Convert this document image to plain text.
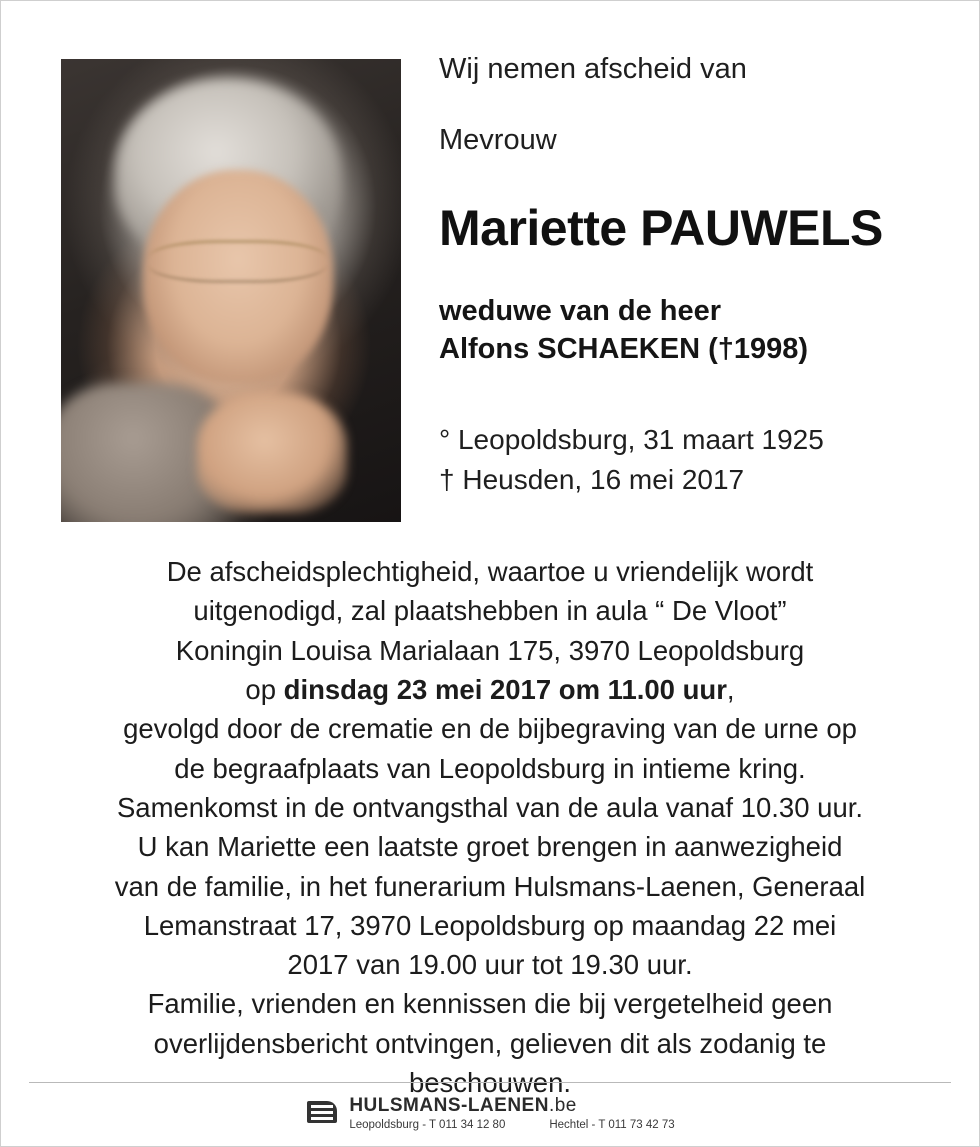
Wij nemen afscheid van
Mevrouw
Mariette PAUWELS
weduwe van de heer
Alfons SCHAEKEN (†1998)
° Leopoldsburg, 31 maart 1925
† Heusden, 16 mei 2017

De afscheidsplechtigheid, waartoe u vriendelijk wordt

uitgenodigd, zal plaatshebben in aula “ De Vloot”

Koningin Louisa Marialaan 175, 3970 Leopoldsburg

op dinsdag 23 mei 2017 om 11.00 uur,

gevolgd door de crematie en de bijbegraving van de urne op

de begraafplaats van Leopoldsburg in intieme kring.

Samenkomst in de ontvangsthal van de aula vanaf 10.30 uur.

U kan Mariette een laatste groet brengen in aanwezigheid

van de familie, in het funerarium Hulsmans-Laenen, Generaal

Lemanstraat 17, 3970 Leopoldsburg op maandag 22 mei

2017 van 19.00 uur tot 19.30 uur.

Familie, vrienden en kennissen die bij vergetelheid geen

overlijdensbericht ontvingen, gelieven dit als zodanig te

beschouwen.

HULSMANS-LAENEN.be
Leopoldsburg - T 011 34 12 80	Hechtel - T 011 73 42 73
